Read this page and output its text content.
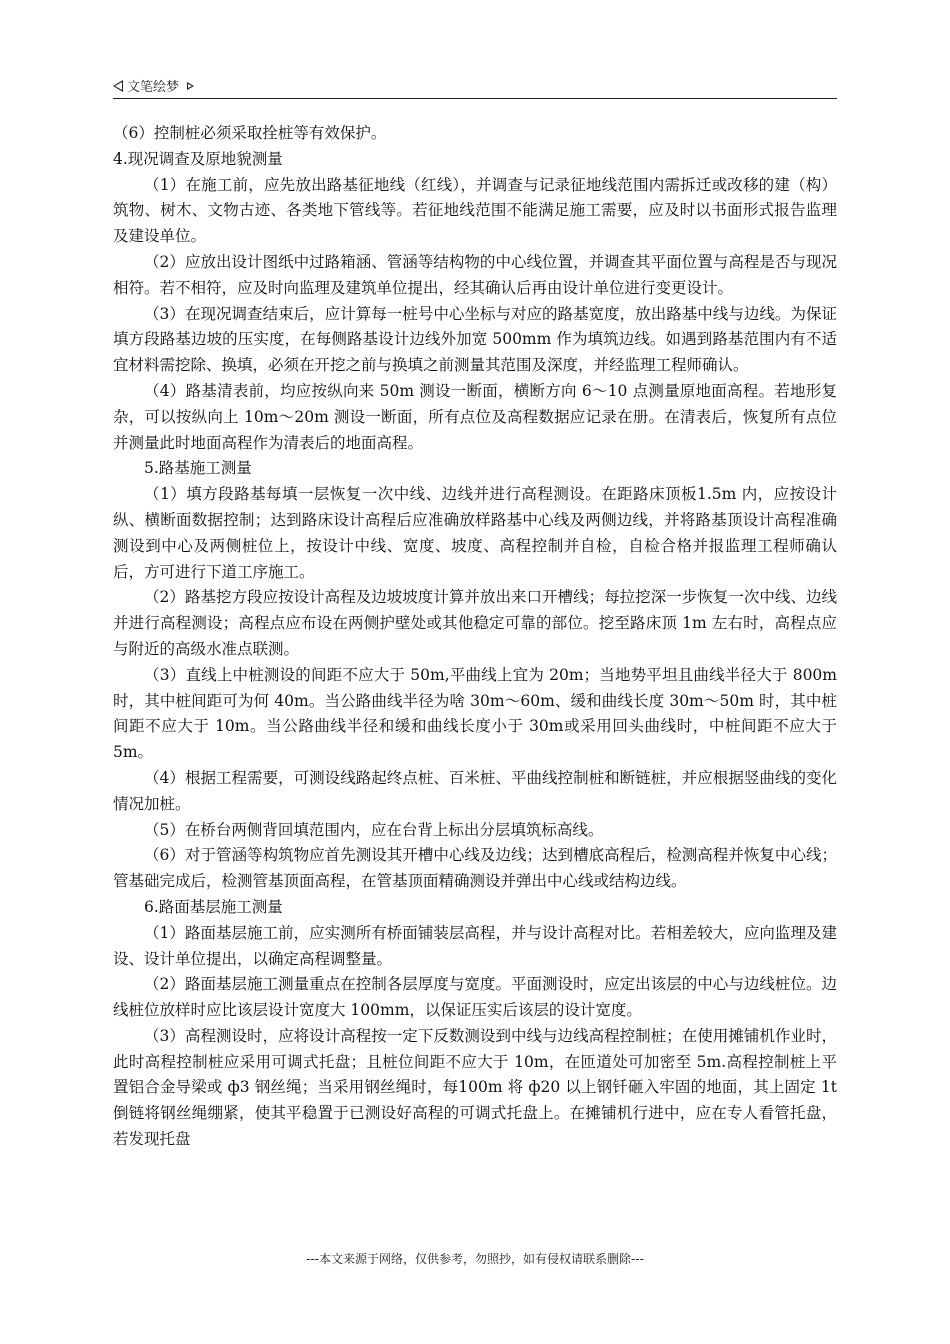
文笔绘梦

（6）控制桩必须采取拴桩等有效保护。

4.现况调查及原地貌测量

（1）在施工前，应先放出路基征地线（红线），并调查与记录征地线范围内需拆迁或改移的建（构）筑物、树木、文物古迹、各类地下管线等。若征地线范围不能满足施工需要，应及时以书面形式报告监理及建设单位。

（2）应放出设计图纸中过路箱涵、管涵等结构物的中心线位置，并调查其平面位置与高程是否与现况相符。若不相符，应及时向监理及建筑单位提出，经其确认后再由设计单位进行变更设计。

（3）在现况调查结束后，应计算每一桩号中心坐标与对应的路基宽度，放出路基中线与边线。为保证填方段路基边坡的压实度，在每侧路基设计边线外加宽 500mm 作为填筑边线。如遇到路基范围内有不适宜材料需挖除、换填，必须在开挖之前与换填之前测量其范围及深度，并经监理工程师确认。

（4）路基清表前，均应按纵向来 50m 测设一断面，横断方向 6～10 点测量原地面高程。若地形复杂，可以按纵向上 10m～20m 测设一断面，所有点位及高程数据应记录在册。在清表后，恢复所有点位并测量此时地面高程作为清表后的地面高程。

5.路基施工测量

（1）填方段路基每填一层恢复一次中线、边线并进行高程测设。在距路床顶板1.5m 内，应按设计纵、横断面数据控制；达到路床设计高程后应准确放样路基中心线及两侧边线，并将路基顶设计高程准确测设到中心及两侧桩位上，按设计中线、宽度、坡度、高程控制并自检，自检合格并报监理工程师确认后，方可进行下道工序施工。

（2）路基挖方段应按设计高程及边坡坡度计算并放出来口开槽线；每拉挖深一步恢复一次中线、边线并进行高程测设；高程点应布设在两侧护壁处或其他稳定可靠的部位。挖至路床顶 1m 左右时，高程点应与附近的高级水准点联测。

（3）直线上中桩测设的间距不应大于 50m,平曲线上宜为 20m；当地势平坦且曲线半径大于 800m 时，其中桩间距可为何 40m。当公路曲线半径为啥 30m～60m、缓和曲线长度 30m～50m 时，其中桩间距不应大于 10m。当公路曲线半径和缓和曲线长度小于 30m或采用回头曲线时，中桩间距不应大于 5m。

（4）根据工程需要，可测设线路起终点桩、百米桩、平曲线控制桩和断链桩，并应根据竖曲线的变化情况加桩。

（5）在桥台两侧背回填范围内，应在台背上标出分层填筑标高线。

（6）对于管涵等构筑物应首先测设其开槽中心线及边线；达到槽底高程后，检测高程并恢复中心线；管基础完成后，检测管基顶面高程，在管基顶面精确测设并弹出中心线或结构边线。

6.路面基层施工测量

（1）路面基层施工前，应实测所有桥面铺装层高程，并与设计高程对比。若相差较大，应向监理及建设、设计单位提出，以确定高程调整量。

（2）路面基层施工测量重点在控制各层厚度与宽度。平面测设时，应定出该层的中心与边线桩位。边线桩位放样时应比该层设计宽度大 100mm，以保证压实后该层的设计宽度。

（3）高程测设时，应将设计高程按一定下反数测设到中线与边线高程控制桩；在使用摊铺机作业时，此时高程控制桩应采用可调式托盘；且桩位间距不应大于 10m，在匝道处可加密至 5m.高程控制桩上平置铝合金导梁或 ф3 钢丝绳；当采用钢丝绳时，每100m 将 ф20 以上钢钎砸入牢固的地面，其上固定 1t 倒链将钢丝绳绷紧，使其平稳置于已测设好高程的可调式托盘上。在摊铺机行进中，应在专人看管托盘，若发现托盘

---本文来源于网络，仅供参考，勿照抄，如有侵权请联系删除---
